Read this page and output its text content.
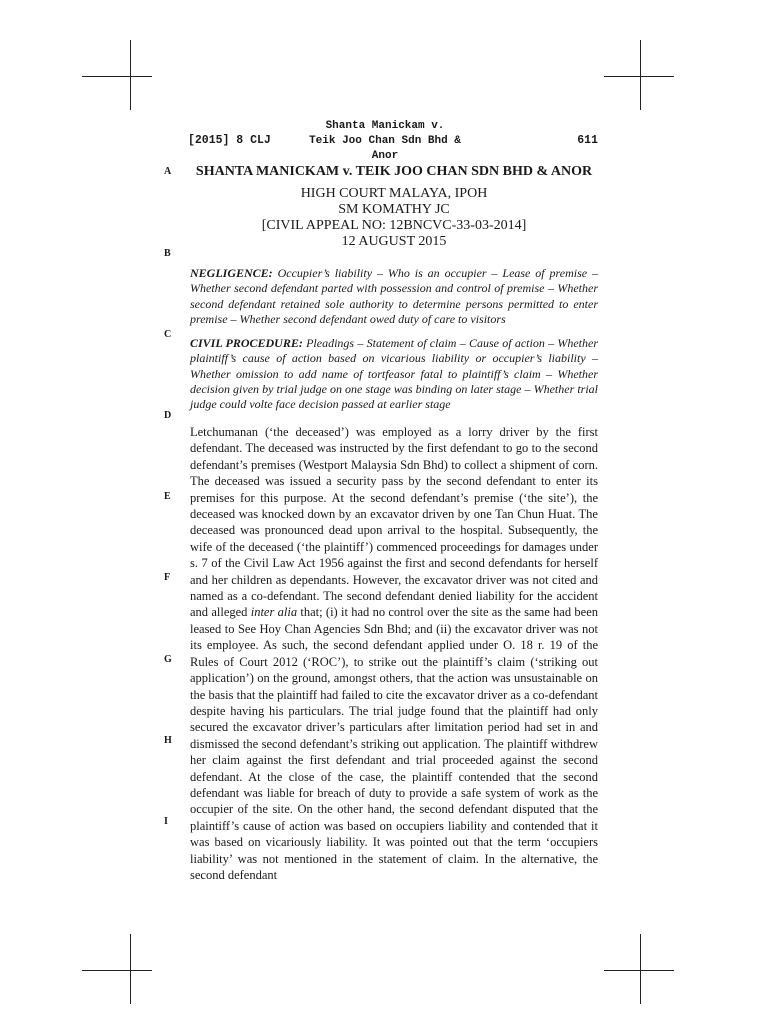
[2015] 8 CLJ
Shanta Manickam v.
Teik Joo Chan Sdn Bhd & Anor
611
A
B
C
D
E
F
G
H
I
SHANTA MANICKAM v. TEIK JOO CHAN SDN BHD & ANOR
HIGH COURT MALAYA, IPOH
SM KOMATHY JC
[CIVIL APPEAL NO: 12BNCVC-33-03-2014]
12 AUGUST 2015
NEGLIGENCE: Occupier’s liability – Who is an occupier – Lease of premise – Whether second defendant parted with possession and control of premise – Whether second defendant retained sole authority to determine persons permitted to enter premise – Whether second defendant owed duty of care to visitors
CIVIL PROCEDURE: Pleadings – Statement of claim – Cause of action – Whether plaintiff’s cause of action based on vicarious liability or occupier’s liability – Whether omission to add name of tortfeasor fatal to plaintiff’s claim – Whether decision given by trial judge on one stage was binding on later stage – Whether trial judge could volte face decision passed at earlier stage
Letchumanan (‘the deceased’) was employed as a lorry driver by the first defendant. The deceased was instructed by the first defendant to go to the second defendant’s premises (Westport Malaysia Sdn Bhd) to collect a shipment of corn. The deceased was issued a security pass by the second defendant to enter its premises for this purpose. At the second defendant’s premise (‘the site’), the deceased was knocked down by an excavator driven by one Tan Chun Huat. The deceased was pronounced dead upon arrival to the hospital. Subsequently, the wife of the deceased (‘the plaintiff’) commenced proceedings for damages under s. 7 of the Civil Law Act 1956 against the first and second defendants for herself and her children as dependants. However, the excavator driver was not cited and named as a co-defendant. The second defendant denied liability for the accident and alleged inter alia that; (i) it had no control over the site as the same had been leased to See Hoy Chan Agencies Sdn Bhd; and (ii) the excavator driver was not its employee. As such, the second defendant applied under O. 18 r. 19 of the Rules of Court 2012 (‘ROC’), to strike out the plaintiff’s claim (‘striking out application’) on the ground, amongst others, that the action was unsustainable on the basis that the plaintiff had failed to cite the excavator driver as a co-defendant despite having his particulars. The trial judge found that the plaintiff had only secured the excavator driver’s particulars after limitation period had set in and dismissed the second defendant’s striking out application. The plaintiff withdrew her claim against the first defendant and trial proceeded against the second defendant. At the close of the case, the plaintiff contended that the second defendant was liable for breach of duty to provide a safe system of work as the occupier of the site. On the other hand, the second defendant disputed that the plaintiff’s cause of action was based on occupiers liability and contended that it was based on vicariously liability. It was pointed out that the term ‘occupiers liability’ was not mentioned in the statement of claim. In the alternative, the second defendant
